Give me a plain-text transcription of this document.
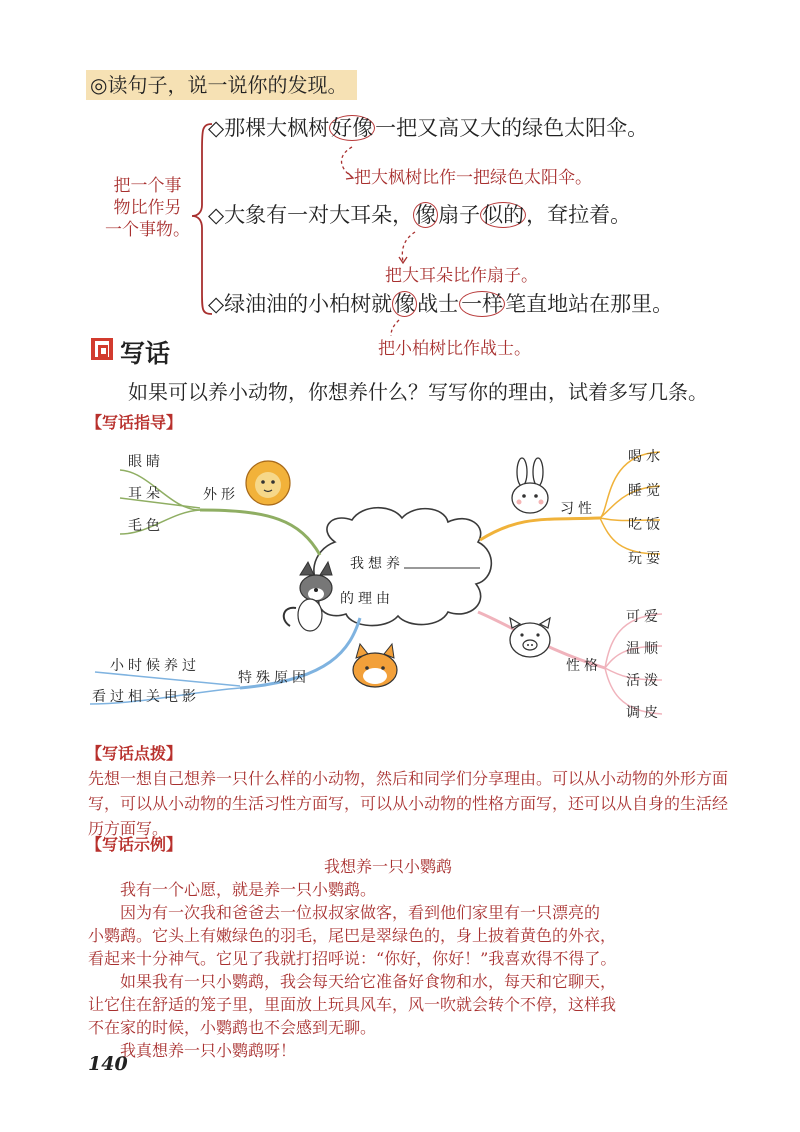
◎读句子，说一说你的发现。
把一个事
物比作另
一个事物。
◇那棵大枫树好像一把又高又大的绿色太阳伞。
把大枫树比作一把绿色太阳伞。
◇大象有一对大耳朵，像扇子似的，耷拉着。
把大耳朵比作扇子。
◇绿油油的小柏树就像战士一样笔直地站在那里。
把小柏树比作战士。
写话
如果可以养小动物，你想养什么？写写你的理由，试着多写几条。
【写话指导】
我想养
的理由
外形
眼睛
耳朵
毛色
习性
喝水
睡觉
吃饭
玩耍
性格
可爱
温顺
活泼
调皮
特殊原因
小时候养过
看过相关电影
【写话点拨】
先想一想自己想养一只什么样的小动物，然后和同学们分享理由。可以从小动物的外形方面写，可以从小动物的生活习性方面写，可以从小动物的性格方面写，还可以从自身的生活经历方面写。
【写话示例】
我想养一只小鹦鹉
我有一个心愿，就是养一只小鹦鹉。
因为有一次我和爸爸去一位叔叔家做客，看到他们家里有一只漂亮的
小鹦鹉。它头上有嫩绿色的羽毛，尾巴是翠绿色的，身上披着黄色的外衣，
看起来十分神气。它见了我就打招呼说：“你好，你好！”我喜欢得不得了。
如果我有一只小鹦鹉，我会每天给它准备好食物和水，每天和它聊天，
让它住在舒适的笼子里，里面放上玩具风车，风一吹就会转个不停，这样我
不在家的时候，小鹦鹉也不会感到无聊。
我真想养一只小鹦鹉呀！
140
